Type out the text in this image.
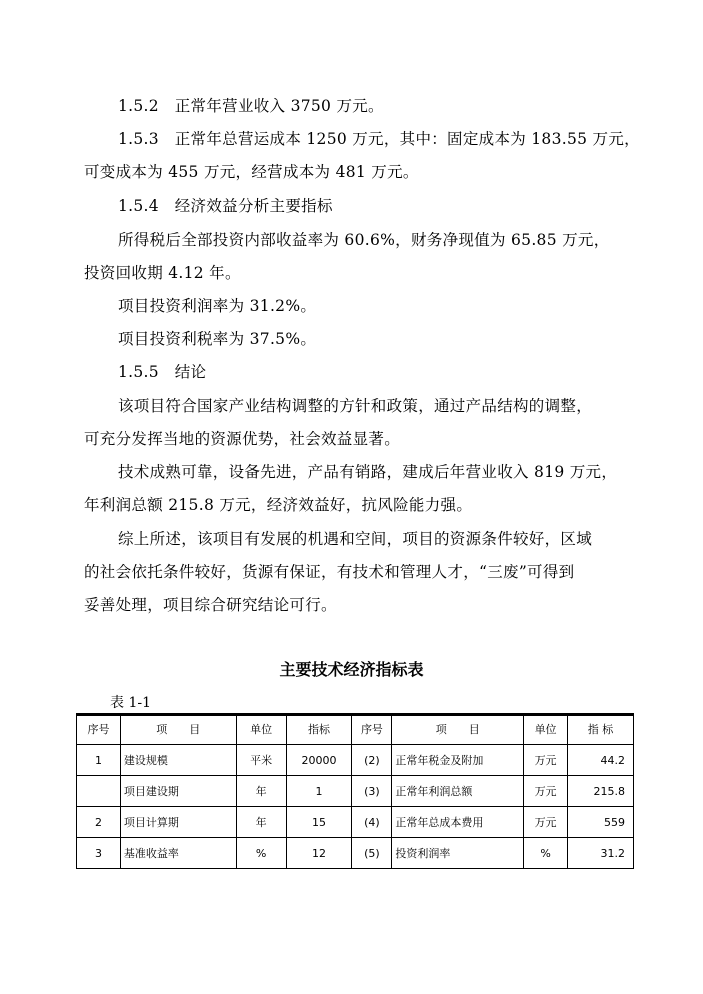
1.5.2　正常年营业收入 3750 万元。
1.5.3　正常年总营运成本 1250 万元，其中：固定成本为 183.55 万元，
可变成本为 455 万元，经营成本为 481 万元。
1.5.4　经济效益分析主要指标
所得税后全部投资内部收益率为 60.6%，财务净现值为 65.85 万元，
投资回收期 4.12 年。
项目投资利润率为 31.2%。
项目投资利税率为 37.5%。
1.5.5　结论
该项目符合国家产业结构调整的方针和政策，通过产品结构的调整，
可充分发挥当地的资源优势，社会效益显著。
技术成熟可靠，设备先进，产品有销路，建成后年营业收入 819 万元，
年利润总额 215.8 万元，经济效益好，抗风险能力强。
综上所述，该项目有发展的机遇和空间，项目的资源条件较好，区域
的社会依托条件较好，货源有保证，有技术和管理人才，“三废”可得到
妥善处理，项目综合研究结论可行。
主要技术经济指标表
表 1-1
序号	项　　目	单位	指标	序号	项　　目	单位	指 标
1	建设规模	平米	20000	(2)	正常年税金及附加	万元	44.2
	项目建设期	年	1	(3)	正常年利润总额	万元	215.8
2	项目计算期	年	15	(4)	正常年总成本费用	万元	559
3	基准收益率	%	12	(5)	投资利润率	%	31.2
